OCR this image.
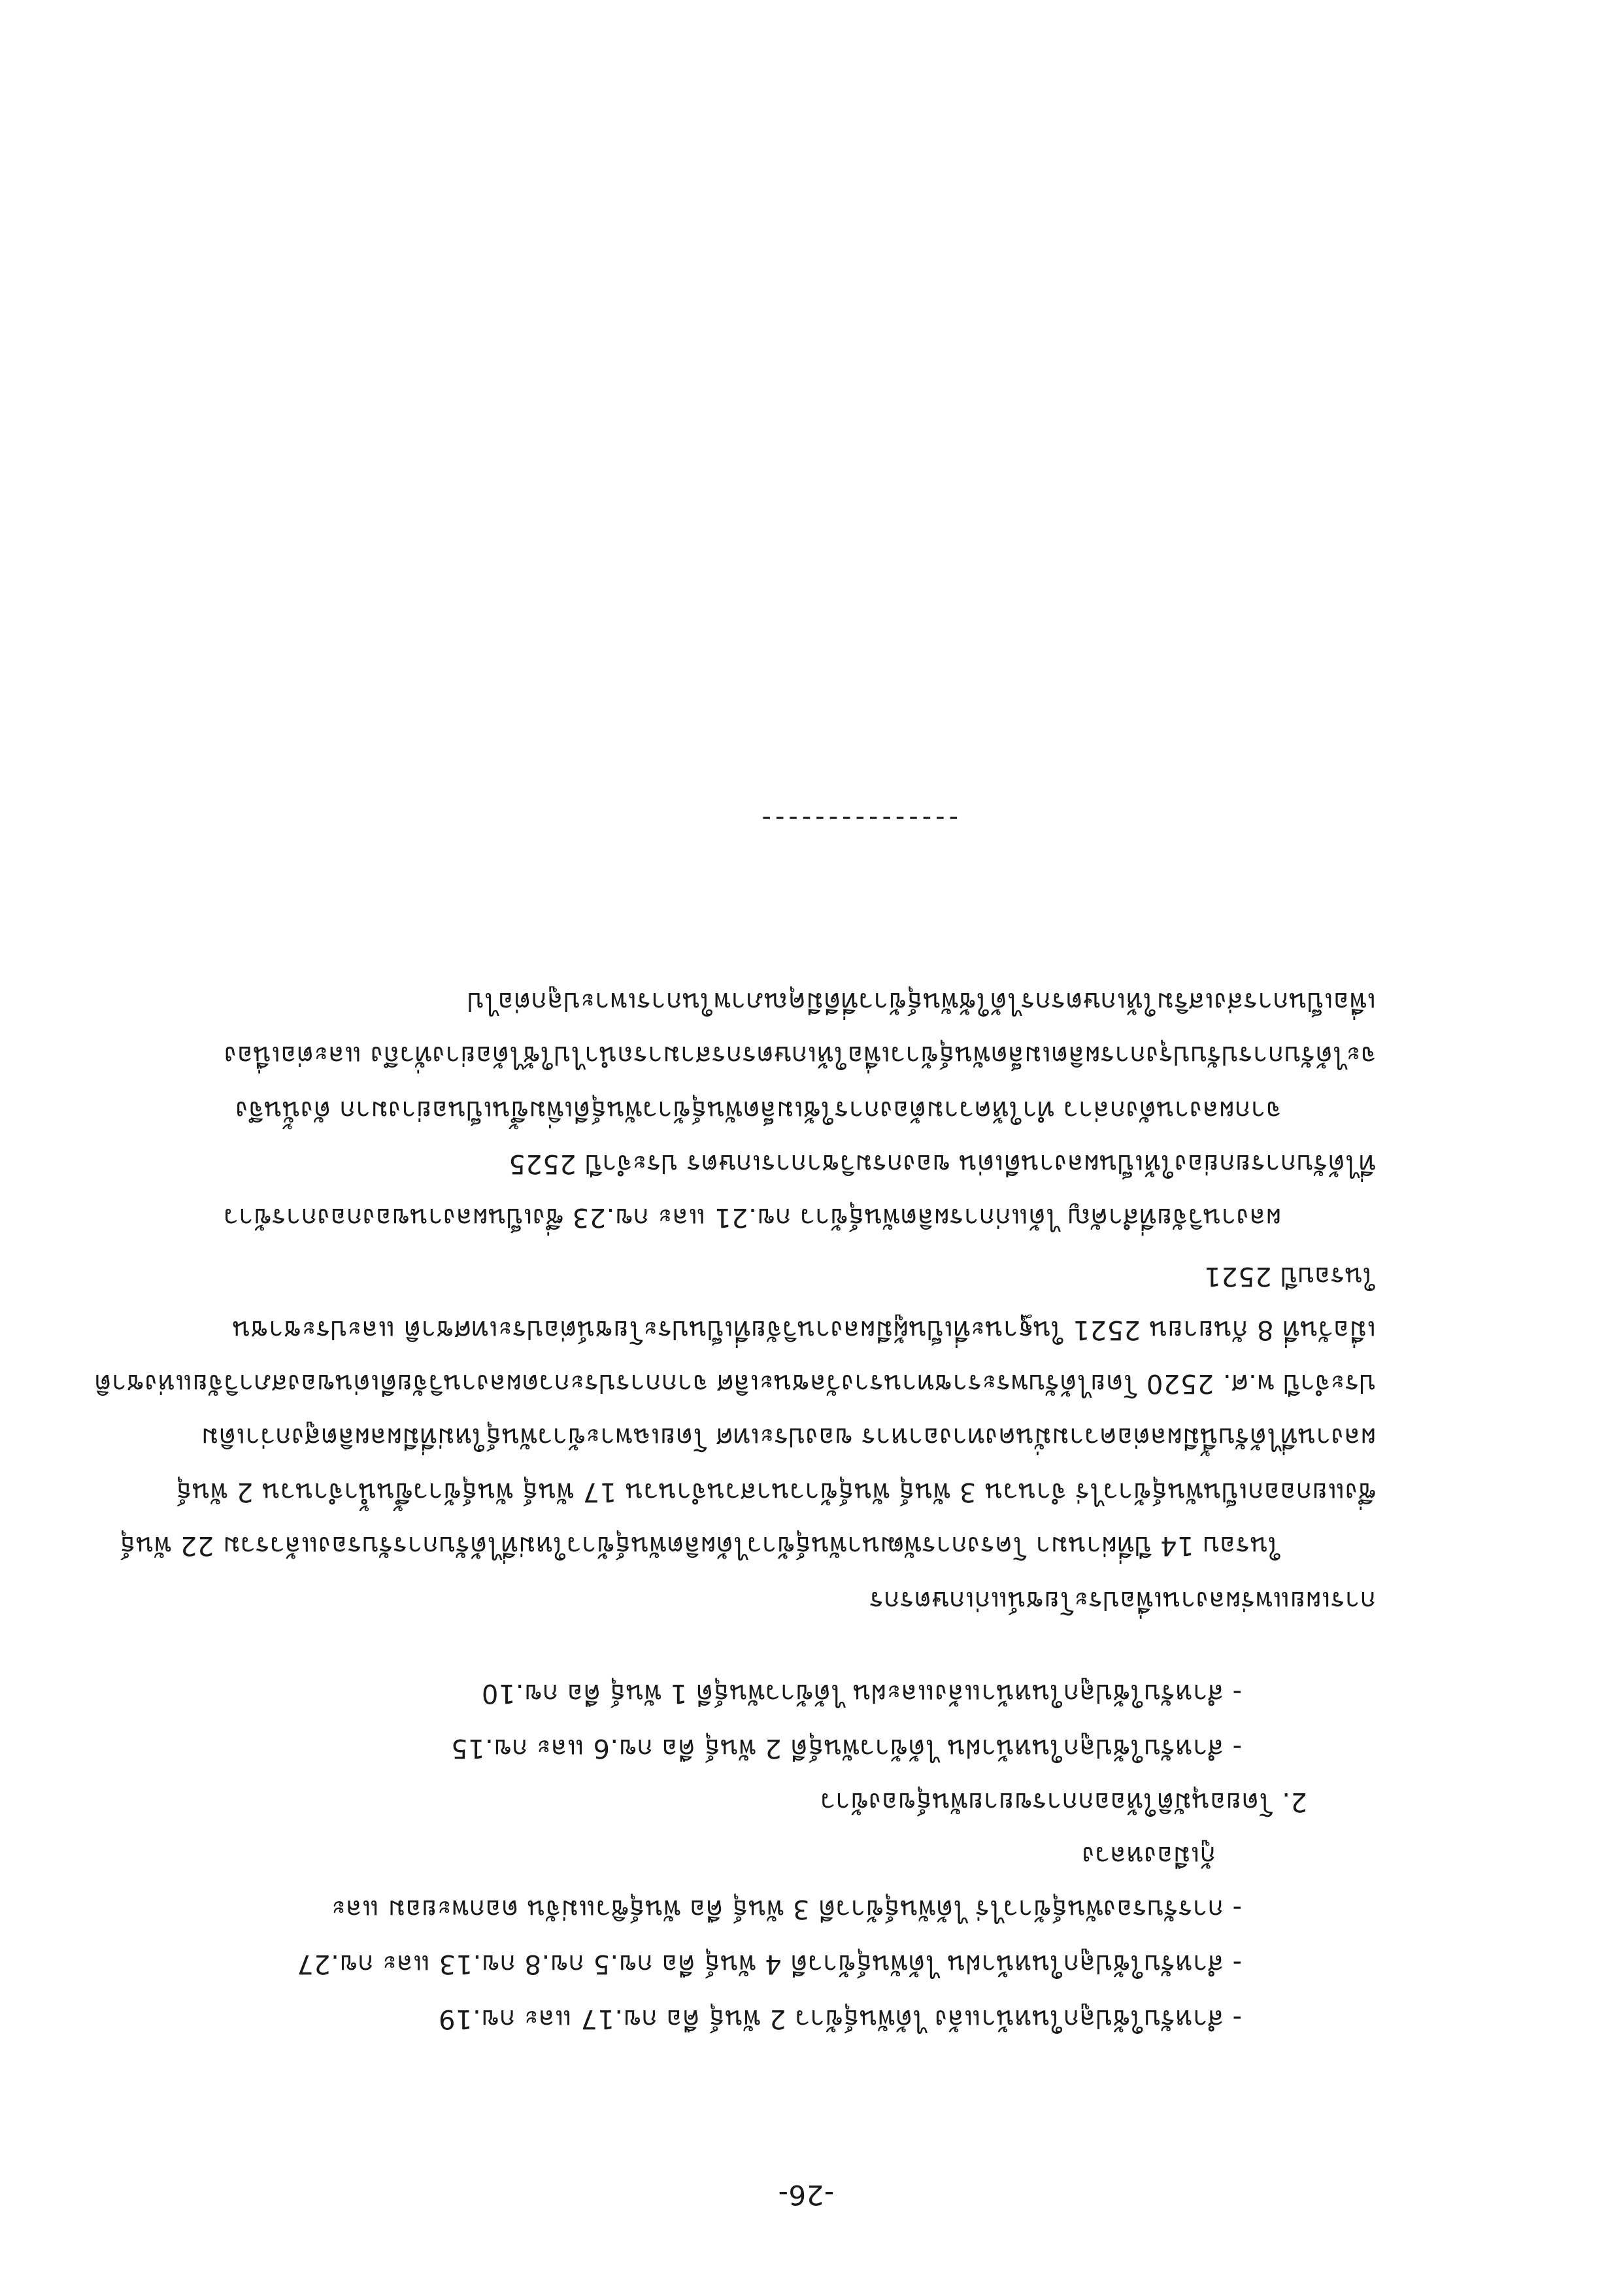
-26-
- สำหรับใช้ปลูกในหน้าแล้ง ได้พันธุ์ข้าว 2 พันธุ์ คือ กข.17 และ กข.19
- สำหรับใช้ปลูกในหน้าฝน ได้พันธุ์ข้าวดี 4 พันธุ์ คือ กข.5 กข.8 กข.13 และ กข.27
- การรับรองพันธุ์ข้าวไร่ ได้พันธุ์ข้าวดี 3 พันธุ์ คือ พันธุ์ซิวแม่จัน ดอกพะยอม และ
กู้เมืองหลวง
2. โดยอนุมัติให้ออกการขยายพันธุ์ของข้าว
- สำหรับใช้ปลูกในหน้าฝน ได้ข้าวพันธุ์ดี 2 พันธุ์ คือ กข.6 และ กข.15
- สำหรับใช้ปลูกในหน้าแล้งและฝน ได้ข้าวพันธุ์ดี 1 พันธุ์ คือ กข.10
การเผยแพร่ผลงานเพื่อประโยชน์แก่เกษตรกร
ในรอบ 14 ปีที่ผ่านมา โครงการพัฒนาพันธุ์ข้าวได้ผลิตพันธุ์ข้าวใหม่ที่ได้รับการรับรองแล้วรวม 22 พันธุ์
ซึ่งแยกออกเป็นพันธุ์ข้าวไร่ จำนวน 3 พันธุ์ พันธุ์ข้าวนาสวนจำนวน 17 พันธุ์ พันธุ์ข้าวขึ้นน้ำจำนวน 2 พันธุ์
ผลงานที่ได้รับนี้มีผลต่อความมั่นคงทางอาหาร ของประเทศ โดยเฉพาะข้าวพันธุ์ใหม่ที่มีผลผลิตสูงกว่าเดิม
ประจำปี พ.ศ. 2520 โดยได้รับพระราชทานรางวัลชนะเลิศ จากการประกวดผลงานวิจัยดีเด่นของสภาวิจัยแห่งชาติ
เมื่อวันที่ 8 กันยายน 2521 ในฐานะที่เป็นผู้มีผลงานวิจัยที่เป็นประโยชน์ต่อประเทศชาติ และประชาชน
ในรอบปี 2521
ผลงานวิจัยที่สำคัญ ได้แก่การผลิตพันธุ์ข้าว กข.21 และ กข.23 ซึ่งเป็นผลงานของกองการข้าว
ที่ได้รับการยกย่องให้เป็นผลงานดีเด่น ของกรมวิชาการเกษตร ประจำปี 2525
จากผลงานดังกล่าว ทำให้ความต้องการใช้เมล็ดพันธุ์ข้าวพันธุ์ดีเพิ่มขึ้นเป็นอย่างมาก ดังนั้นจึง
จะได้รับการปรับปรุงการผลิตเมล็ดพันธุ์ข้าวเพื่อให้เกษตรกรสามารถนำไปใช้ได้อย่างทั่วถึง และต่อเนื่อง
เพื่อเป็นการส่งเสริมให้เกษตรกรได้ใช้พันธุ์ข้าวที่ดีมีคุณภาพในการเพาะปลูกต่อไป
---------------
